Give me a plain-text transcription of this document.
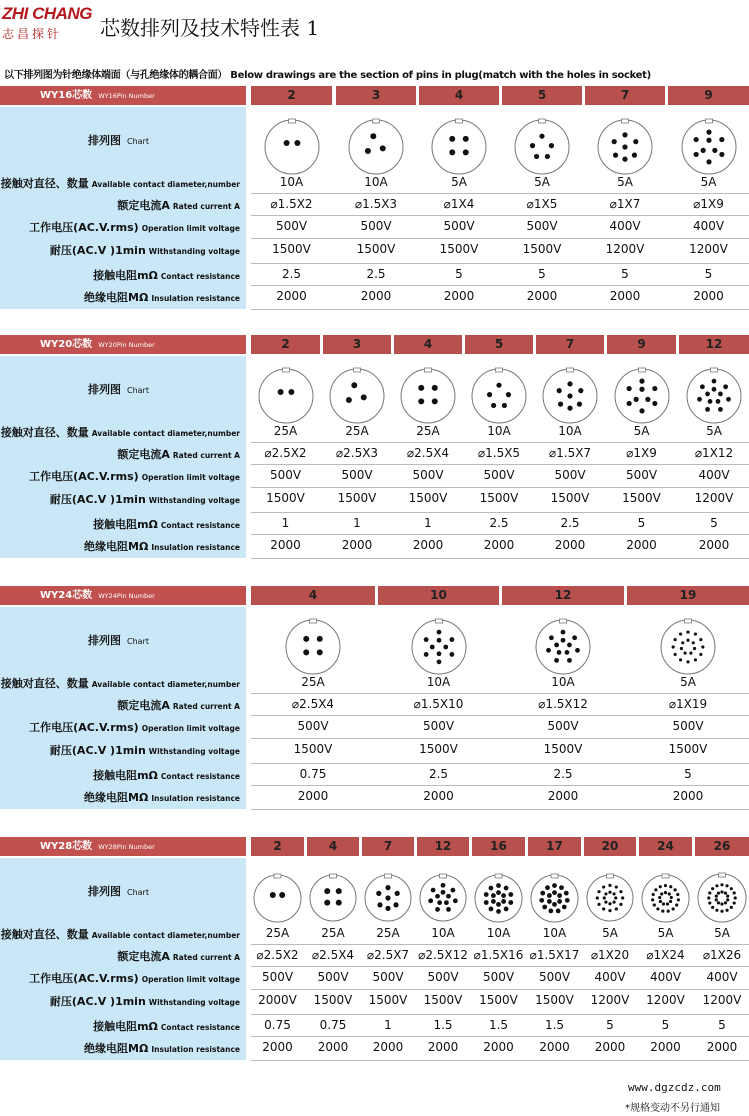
ZHI CHANG
志昌探针	芯数排列及技术特性表 1
以下排列图为针绝缘体端面（与孔绝缘体的耦合面） Below drawings are the section of pins in plug(match with the holes in socket)
WY16芯数 WY16Pin Number	2	3	4	5	7	9
排列图 Chart
接触对直径、数量 Available contact diameter,number	10A	10A	5A	5A	5A	5A
额定电流A Rated current A	⌀1.5X2	⌀1.5X3	⌀1X4	⌀1X5	⌀1X7	⌀1X9
工作电压(AC.V.rms) Operation limit voltage	500V	500V	500V	500V	400V	400V
耐压(AC.V )1min Withstanding voltage	1500V	1500V	1500V	1500V	1200V	1200V
接触电阻mΩ Contact resistance	2.5	2.5	5	5	5	5
绝缘电阻MΩ Insulation resistance	2000	2000	2000	2000	2000	2000
WY20芯数 WY20Pin Number	2	3	4	5	7	9	12
排列图 Chart
接触对直径、数量 Available contact diameter,number	25A	25A	25A	10A	10A	5A	5A
额定电流A Rated current A	⌀2.5X2	⌀2.5X3	⌀2.5X4	⌀1.5X5	⌀1.5X7	⌀1X9	⌀1X12
工作电压(AC.V.rms) Operation limit voltage	500V	500V	500V	500V	500V	500V	400V
耐压(AC.V )1min Withstanding voltage	1500V	1500V	1500V	1500V	1500V	1500V	1200V
接触电阻mΩ Contact resistance	1	1	1	2.5	2.5	5	5
绝缘电阻MΩ Insulation resistance	2000	2000	2000	2000	2000	2000	2000
WY24芯数 WY24Pin Number	4	10	12	19
排列图 Chart
接触对直径、数量 Available contact diameter,number	25A	10A	10A	5A
额定电流A Rated current A	⌀2.5X4	⌀1.5X10	⌀1.5X12	⌀1X19
工作电压(AC.V.rms) Operation limit voltage	500V	500V	500V	500V
耐压(AC.V )1min Withstanding voltage	1500V	1500V	1500V	1500V
接触电阻mΩ Contact resistance	0.75	2.5	2.5	5
绝缘电阻MΩ Insulation resistance	2000	2000	2000	2000
WY28芯数 WY28Pin Number	2	4	7	12	16	17	20	24	26
排列图 Chart
接触对直径、数量 Available contact diameter,number	25A	25A	25A	10A	10A	10A	5A	5A	5A
额定电流A Rated current A	⌀2.5X2	⌀2.5X4	⌀2.5X7 ⌀2.5X12 ⌀1.5X16 ⌀1.5X17 ⌀1X20	⌀1X24	⌀1X26
工作电压(AC.V.rms) Operation limit voltage	500V	500V	500V	500V	500V	500V	400V	400V	400V
耐压(AC.V )1min Withstanding voltage	2000V	1500V	1500V	1500V	1500V	1500V	1200V	1200V	1200V
接触电阻mΩ Contact resistance	0.75	0.75	1	1.5	1.5	1.5	5	5	5
绝缘电阻MΩ Insulation resistance	2000	2000	2000	2000	2000	2000	2000	2000	2000
www.dgzcdz.com
*规格变动不另行通知
